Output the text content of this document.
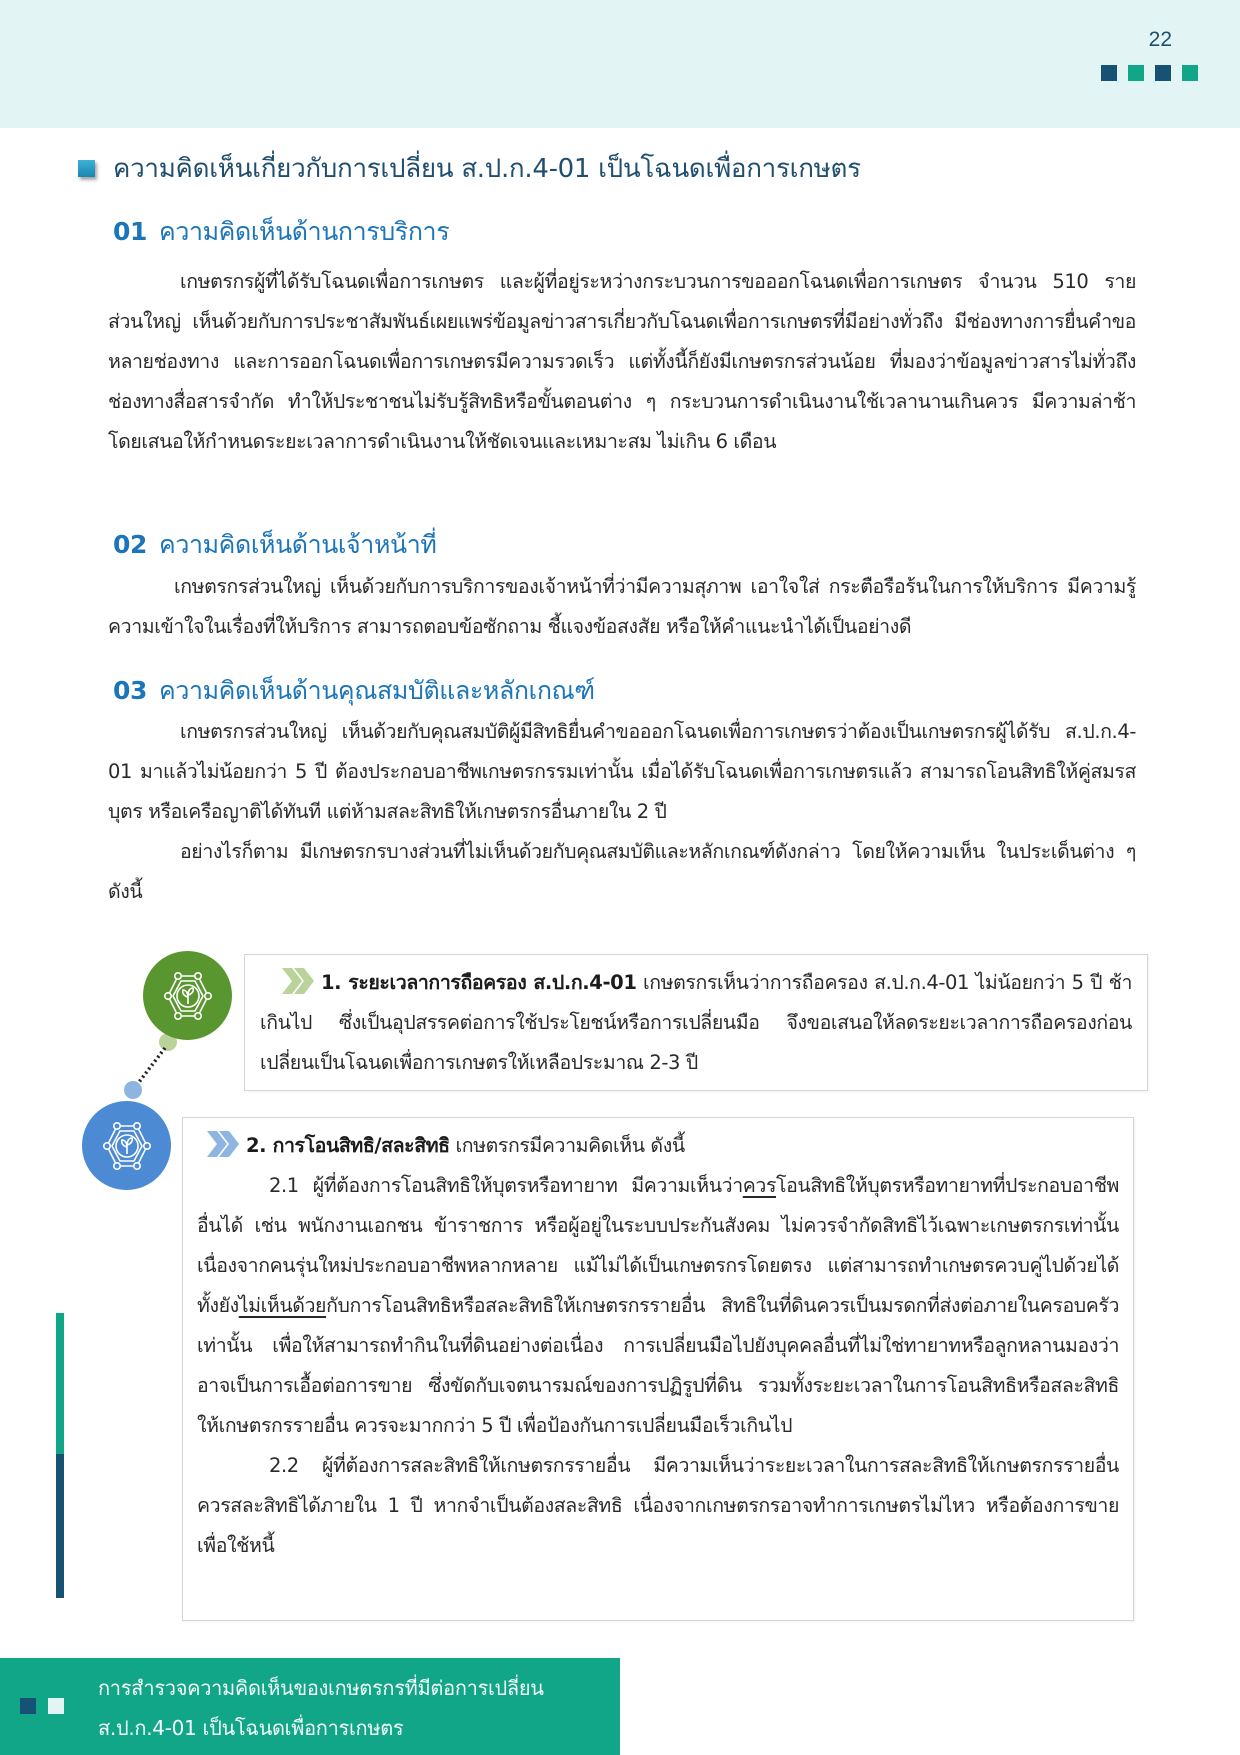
22
ความคิดเห็นเกี่ยวกับการเปลี่ยน ส.ป.ก.4-01 เป็นโฉนดเพื่อการเกษตร
01 ความคิดเห็นด้านการบริการ
เกษตรกรผู้ที่ได้รับโฉนดเพื่อการเกษตร และผู้ที่อยู่ระหว่างกระบวนการขอออกโฉนดเพื่อการเกษตร จำนวน 510 ราย ส่วนใหญ่ เห็นด้วยกับการประชาสัมพันธ์เผยแพร่ข้อมูลข่าวสารเกี่ยวกับโฉนดเพื่อการเกษตรที่มีอย่างทั่วถึง มีช่องทางการยื่นคำขอหลายช่องทาง และการออกโฉนดเพื่อการเกษตรมีความรวดเร็ว แต่ทั้งนี้ก็ยังมีเกษตรกรส่วนน้อย ที่มองว่าข้อมูลข่าวสารไม่ทั่วถึง ช่องทางสื่อสารจำกัด ทำให้ประชาชนไม่รับรู้สิทธิหรือขั้นตอนต่าง ๆ กระบวนการดำเนินงานใช้เวลานานเกินควร มีความล่าช้า โดยเสนอให้กำหนดระยะเวลาการดำเนินงานให้ชัดเจนและเหมาะสม ไม่เกิน 6 เดือน
02 ความคิดเห็นด้านเจ้าหน้าที่
เกษตรกรส่วนใหญ่ เห็นด้วยกับการบริการของเจ้าหน้าที่ว่ามีความสุภาพ เอาใจใส่ กระตือรือร้นในการให้บริการ มีความรู้ความเข้าใจในเรื่องที่ให้บริการ สามารถตอบข้อซักถาม ชี้แจงข้อสงสัย หรือให้คำแนะนำได้เป็นอย่างดี
03 ความคิดเห็นด้านคุณสมบัติและหลักเกณฑ์
เกษตรกรส่วนใหญ่ เห็นด้วยกับคุณสมบัติผู้มีสิทธิยื่นคำขอออกโฉนดเพื่อการเกษตรว่าต้องเป็นเกษตรกรผู้ได้รับ ส.ป.ก.4-01 มาแล้วไม่น้อยกว่า 5 ปี ต้องประกอบอาชีพเกษตรกรรมเท่านั้น เมื่อได้รับโฉนดเพื่อการเกษตรแล้ว สามารถโอนสิทธิให้คู่สมรส บุตร หรือเครือญาติได้ทันที แต่ห้ามสละสิทธิให้เกษตรกรอื่นภายใน 2 ปี
อย่างไรก็ตาม มีเกษตรกรบางส่วนที่ไม่เห็นด้วยกับคุณสมบัติและหลักเกณฑ์ดังกล่าว โดยให้ความเห็น ในประเด็นต่าง ๆ ดังนี้
1. ระยะเวลาการถือครอง ส.ป.ก.4-01 เกษตรกรเห็นว่าการถือครอง ส.ป.ก.4-01 ไม่น้อยกว่า 5 ปี ช้าเกินไป ซึ่งเป็นอุปสรรคต่อการใช้ประโยชน์หรือการเปลี่ยนมือ จึงขอเสนอให้ลดระยะเวลาการถือครองก่อนเปลี่ยนเป็นโฉนดเพื่อการเกษตรให้เหลือประมาณ 2-3 ปี
2. การโอนสิทธิ/สละสิทธิ เกษตรกรมีความคิดเห็น ดังนี้
2.1 ผู้ที่ต้องการโอนสิทธิให้บุตรหรือทายาท มีความเห็นว่าควรโอนสิทธิให้บุตรหรือทายาทที่ประกอบอาชีพอื่นได้ เช่น พนักงานเอกชน ข้าราชการ หรือผู้อยู่ในระบบประกันสังคม ไม่ควรจำกัดสิทธิไว้เฉพาะเกษตรกรเท่านั้น เนื่องจากคนรุ่นใหม่ประกอบอาชีพหลากหลาย แม้ไม่ได้เป็นเกษตรกรโดยตรง แต่สามารถทำเกษตรควบคู่ไปด้วยได้ ทั้งยังไม่เห็นด้วยกับการโอนสิทธิหรือสละสิทธิให้เกษตรกรรายอื่น สิทธิในที่ดินควรเป็นมรดกที่ส่งต่อภายในครอบครัวเท่านั้น เพื่อให้สามารถทำกินในที่ดินอย่างต่อเนื่อง การเปลี่ยนมือไปยังบุคคลอื่นที่ไม่ใช่ทายาทหรือลูกหลานมองว่าอาจเป็นการเอื้อต่อการขาย ซึ่งขัดกับเจตนารมณ์ของการปฏิรูปที่ดิน รวมทั้งระยะเวลาในการโอนสิทธิหรือสละสิทธิให้เกษตรกรรายอื่น ควรจะมากกว่า 5 ปี เพื่อป้องกันการเปลี่ยนมือเร็วเกินไป
2.2 ผู้ที่ต้องการสละสิทธิให้เกษตรกรรายอื่น มีความเห็นว่าระยะเวลาในการสละสิทธิให้เกษตรกรรายอื่น ควรสละสิทธิได้ภายใน 1 ปี หากจำเป็นต้องสละสิทธิ เนื่องจากเกษตรกรอาจทำการเกษตรไม่ไหว หรือต้องการขายเพื่อใช้หนี้
การสำรวจความคิดเห็นของเกษตรกรที่มีต่อการเปลี่ยน
ส.ป.ก.4-01 เป็นโฉนดเพื่อการเกษตร
